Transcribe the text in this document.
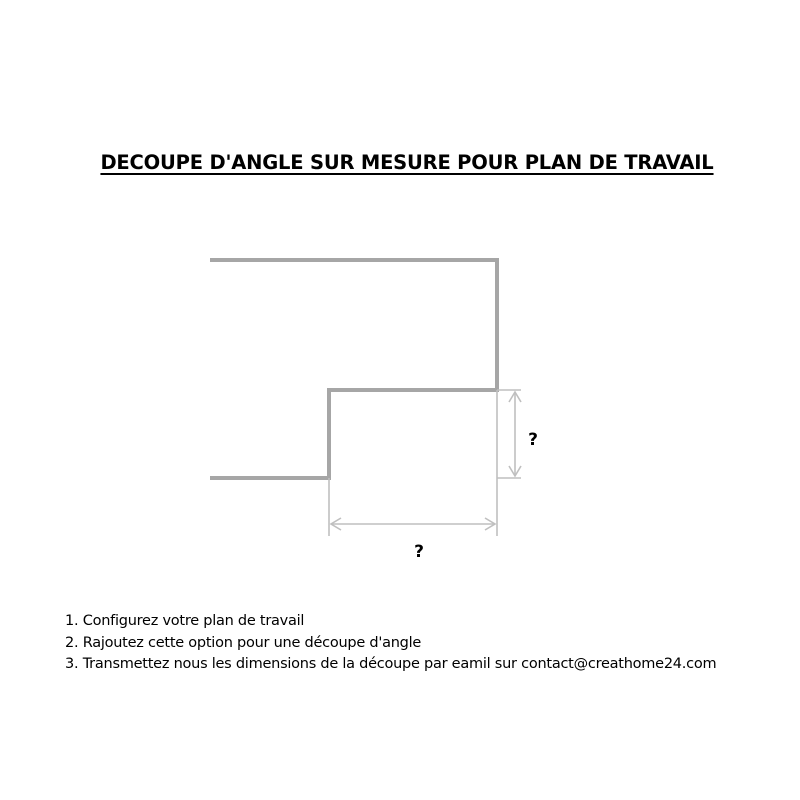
DECOUPE D'ANGLE SUR MESURE POUR PLAN DE TRAVAIL
?
?
1. Configurez votre plan de travail
2. Rajoutez cette option pour une découpe d'angle
3. Transmettez nous les dimensions de la découpe par eamil sur contact@creathome24.com
